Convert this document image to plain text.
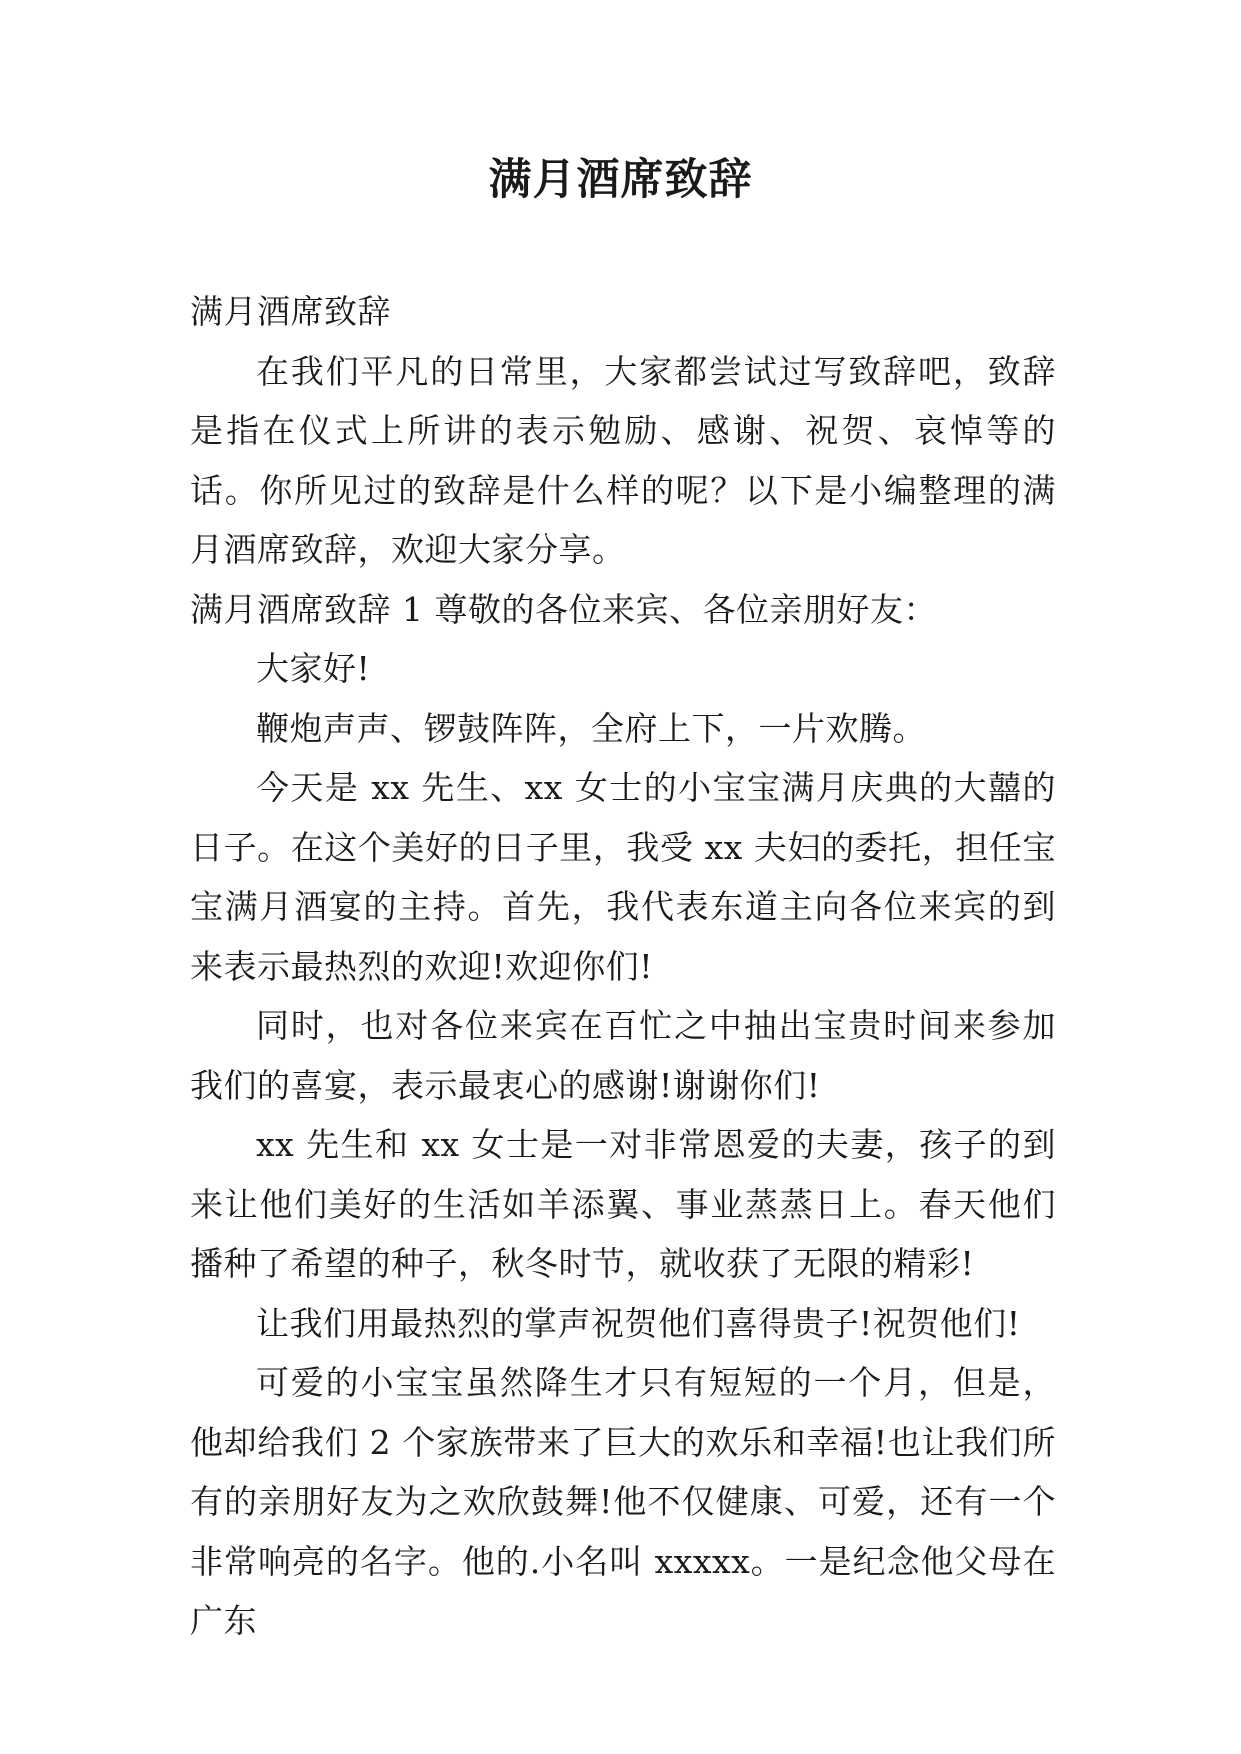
满月酒席致辞

满月酒席致辞

在我们平凡的日常里，大家都尝试过写致辞吧，致辞是指在仪式上所讲的表示勉励、感谢、祝贺、哀悼等的话。你所见过的致辞是什么样的呢？以下是小编整理的满月酒席致辞，欢迎大家分享。

满月酒席致辞 1 尊敬的各位来宾、各位亲朋好友：

大家好!

鞭炮声声、锣鼓阵阵，全府上下，一片欢腾。

今天是 xx 先生、xx 女士的小宝宝满月庆典的大囍的日子。在这个美好的日子里，我受 xx 夫妇的委托，担任宝宝满月酒宴的主持。首先，我代表东道主向各位来宾的到来表示最热烈的欢迎!欢迎你们!

同时，也对各位来宾在百忙之中抽出宝贵时间来参加我们的喜宴，表示最衷心的感谢!谢谢你们!

xx 先生和 xx 女士是一对非常恩爱的夫妻，孩子的到来让他们美好的生活如羊添翼、事业蒸蒸日上。春天他们播种了希望的种子，秋冬时节，就收获了无限的精彩!

让我们用最热烈的掌声祝贺他们喜得贵子!祝贺他们!

可爱的小宝宝虽然降生才只有短短的一个月，但是，他却给我们 2 个家族带来了巨大的欢乐和幸福!也让我们所有的亲朋好友为之欢欣鼓舞!他不仅健康、可爱，还有一个非常响亮的名字。他的.小名叫 xxxxx。一是纪念他父母在广东
